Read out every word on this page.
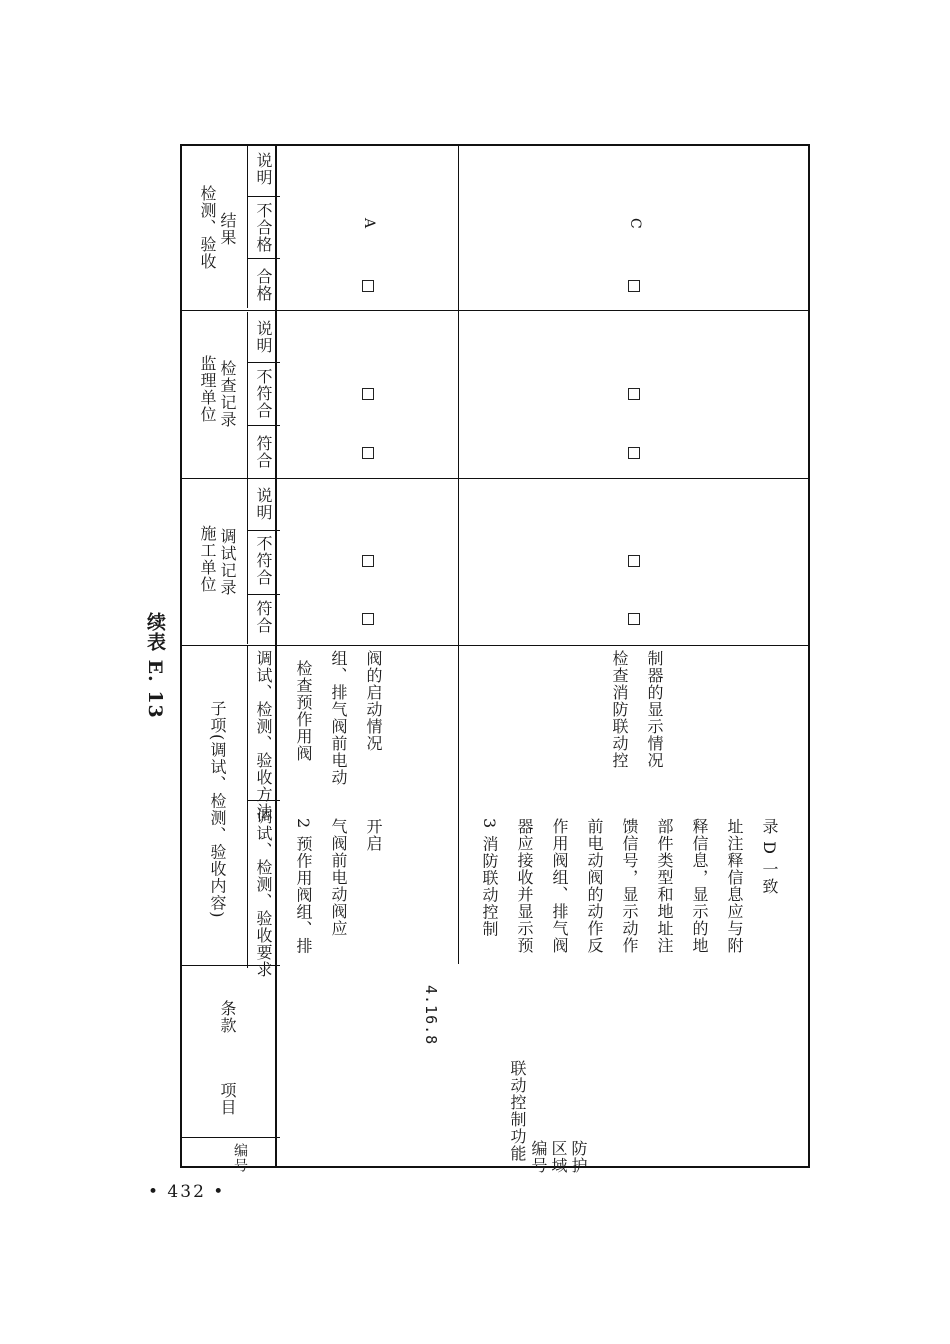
续表 E. 13
检测、验收 结果
说明
不合格
合格
监理单位 检查记录
说明
不符合
符合
施工单位 调试记录
说明
不符合
符合
子项(调试、检测、验收内容) 调试、检测、验收方法
调试、检测、验收要求
条款
项目
编号	联动控制功能
4.16.8
防护区域编号
2 预作用阀组、排 气阀前电动阀应 开启
检查预作用阀 组、排气阀前电动 阀的启动情况
3 消防联动控制 器应接收并显示预 作用阀组、排气阀 前电动阀的动作反 馈信号，显示动作 部件类型和地址注 释信息，显示的地 址注释信息应与附 录 D 一致
检查消防联动控 制器的显示情况
A	C
• 432 •
